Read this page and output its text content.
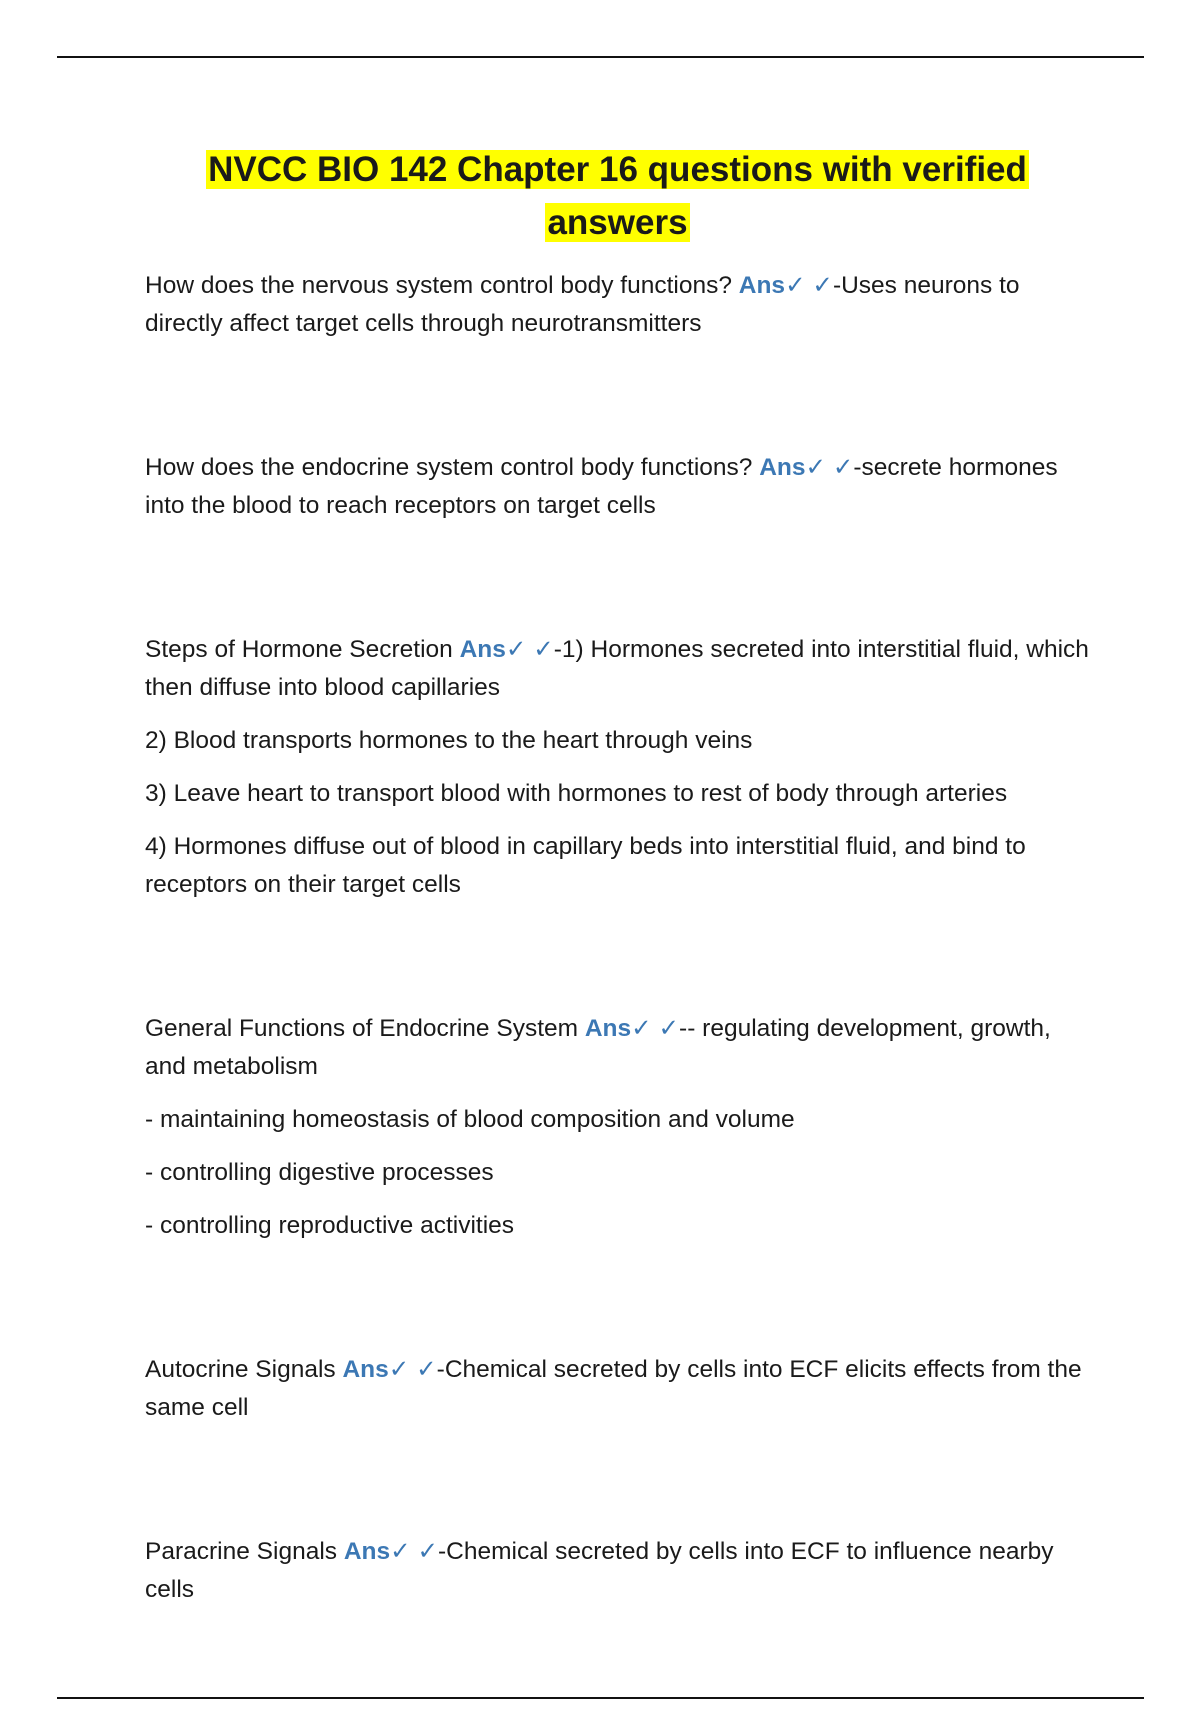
NVCC BIO 142 Chapter 16 questions with verified answers

How does the nervous system control body functions? Ans✓ ✓-Uses neurons to directly affect target cells through neurotransmitters

How does the endocrine system control body functions? Ans✓ ✓-secrete hormones into the blood to reach receptors on target cells

Steps of Hormone Secretion Ans✓ ✓-1) Hormones secreted into interstitial fluid, which then diffuse into blood capillaries

2) Blood transports hormones to the heart through veins

3) Leave heart to transport blood with hormones to rest of body through arteries

4) Hormones diffuse out of blood in capillary beds into interstitial fluid, and bind to receptors on their target cells

General Functions of Endocrine System Ans✓ ✓-- regulating development, growth, and metabolism

- maintaining homeostasis of blood composition and volume

- controlling digestive processes

- controlling reproductive activities

Autocrine Signals Ans✓ ✓-Chemical secreted by cells into ECF elicits effects from the same cell

Paracrine Signals Ans✓ ✓-Chemical secreted by cells into ECF to influence nearby cells
